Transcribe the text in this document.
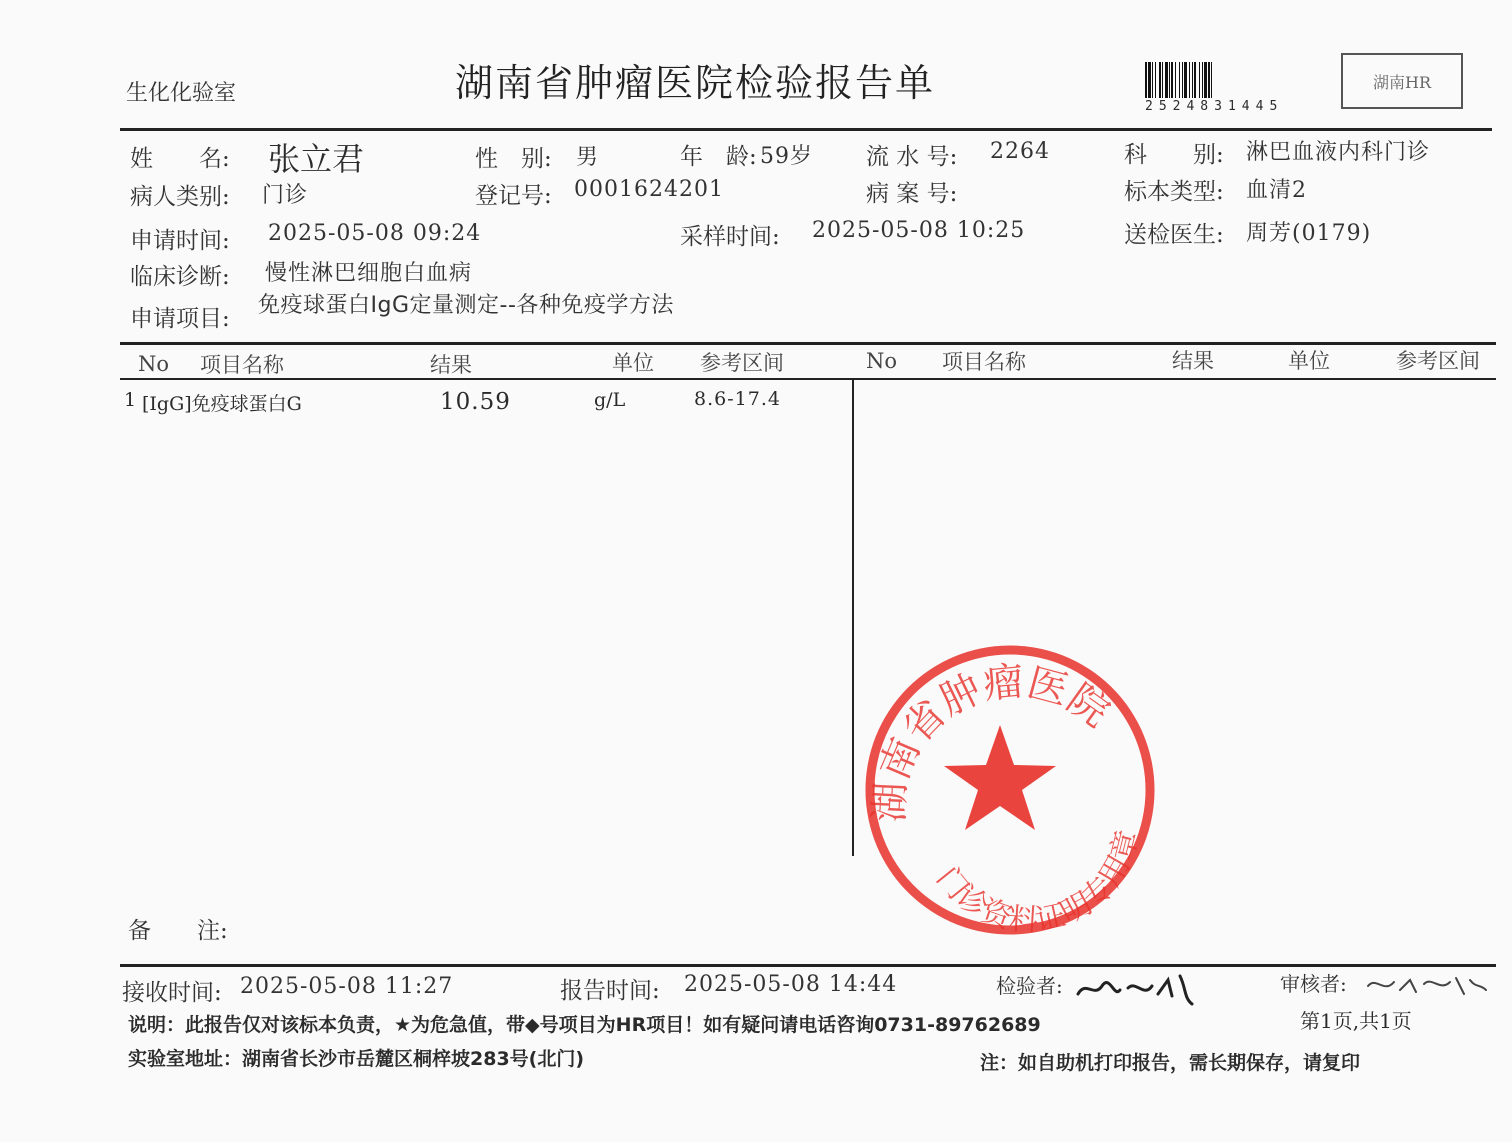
生化化验室	湖南省肿瘤医院检验报告单
2524831445
湖南HR
姓　　名: 张立君	性　别: 男	年　龄: 59岁 流 水 号: 2264	科　　别: 淋巴血液内科门诊
病人类别: 门诊	登记号: 0001624201	病 案 号:	标本类型: 血清2
申请时间: 2025-05-08 09:24	采样时间: 2025-05-08 10:25	送检医生: 周芳(0179)
临床诊断: 慢性淋巴细胞白血病
申请项目:
免疫球蛋白IgG定量测定--各种免疫学方法
No 项目名称	结果	单位 参考区间	No 项目名称	结果	单位	参考区间
1 [IgG]免疫球蛋白G	10.59	g/L	8.6-17.4
湖南省肿瘤医院
门诊资料证明专用章
备　　注:
接收时间: 2025-05-08 11:27	报告时间: 2025-05-08 14:44	检验者:	审核者:
说明：此报告仅对该标本负责，★为危急值，带◆号项目为HR项目！如有疑问请电话咨询0731-89762689	第1页,共1页
实验室地址：湖南省长沙市岳麓区桐梓坡283号(北门)	注：如自助机打印报告，需长期保存，请复印
